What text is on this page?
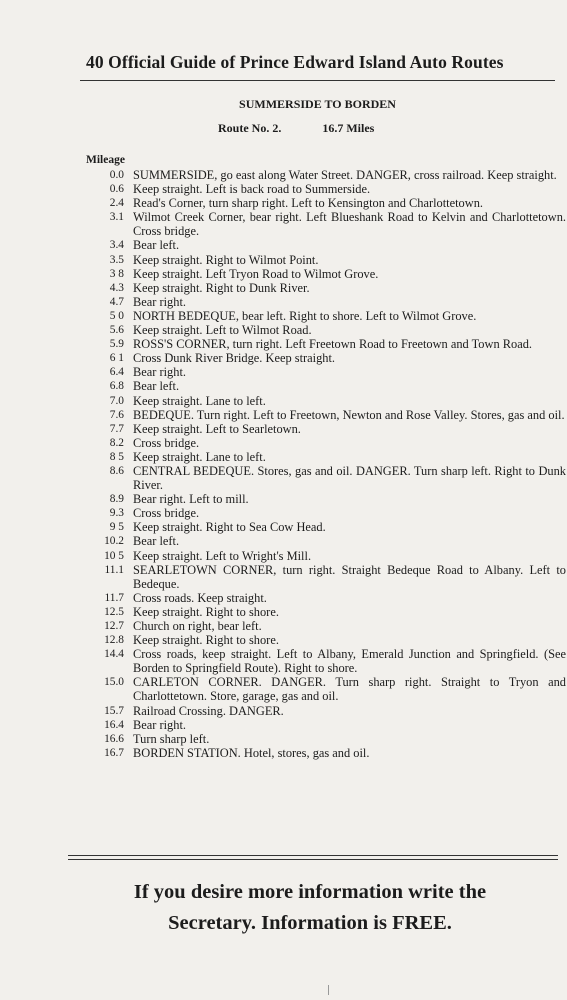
40 Official Guide of Prince Edward Island Auto Routes
SUMMERSIDE TO BORDEN
Route No. 2.	16.7 Miles
Mileage
0.0 SUMMERSIDE, go east along Water Street. DANGER, cross railroad. Keep straight.
0.6 Keep straight. Left is back road to Summerside.
2.4 Read's Corner, turn sharp right. Left to Kensington and Charlottetown.
3.1 Wilmot Creek Corner, bear right. Left Blueshank Road to Kelvin and Charlottetown. Cross bridge.
3.4 Bear left.
3.5 Keep straight. Right to Wilmot Point.
3 8 Keep straight. Left Tryon Road to Wilmot Grove.
4.3 Keep straight. Right to Dunk River.
4.7 Bear right.
5 0 NORTH BEDEQUE, bear left. Right to shore. Left to Wilmot Grove.
5.6 Keep straight. Left to Wilmot Road.
5.9 ROSS'S CORNER, turn right. Left Freetown Road to Freetown and Town Road.
6 1 Cross Dunk River Bridge. Keep straight.
6.4 Bear right.
6.8 Bear left.
7.0 Keep straight. Lane to left.
7.6 BEDEQUE. Turn right. Left to Freetown, Newton and Rose Valley. Stores, gas and oil.
7.7 Keep straight. Left to Searletown.
8.2 Cross bridge.
8 5 Keep straight. Lane to left.
8.6 CENTRAL BEDEQUE. Stores, gas and oil. DANGER. Turn sharp left. Right to Dunk River.
8.9 Bear right. Left to mill.
9.3 Cross bridge.
9 5 Keep straight. Right to Sea Cow Head.
10.2 Bear left.
10 5 Keep straight. Left to Wright's Mill.
11.1 SEARLETOWN CORNER, turn right. Straight Bedeque Road to Albany. Left to Bedeque.
11.7 Cross roads. Keep straight.
12.5 Keep straight. Right to shore.
12.7 Church on right, bear left.
12.8 Keep straight. Right to shore.
14.4 Cross roads, keep straight. Left to Albany, Emerald Junction and Springfield. (See Borden to Springfield Route). Right to shore.
15.0 CARLETON CORNER. DANGER. Turn sharp right. Straight to Tryon and Charlottetown. Store, garage, gas and oil.
15.7 Railroad Crossing. DANGER.
16.4 Bear right.
16.6 Turn sharp left.
16.7 BORDEN STATION. Hotel, stores, gas and oil.
If you desire more information write the
Secretary. Information is FREE.
